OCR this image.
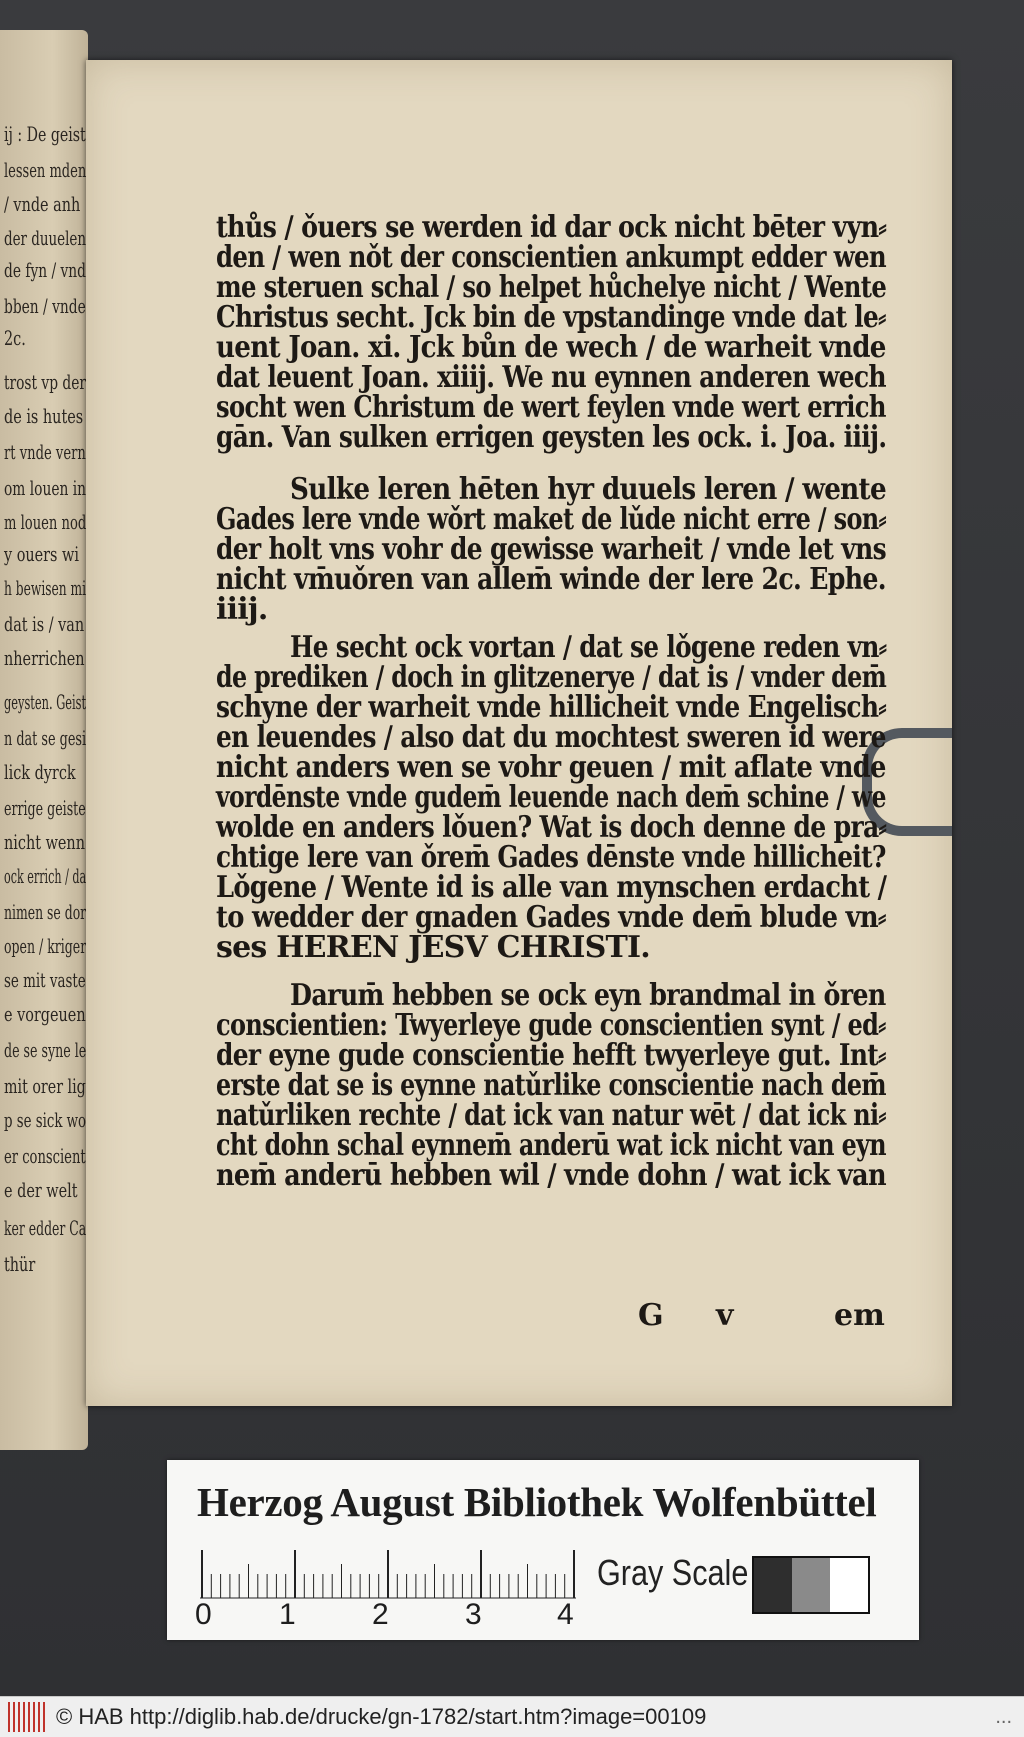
ij : De geist
lessen mden
/ vnde anh
der duuelen
de fyn / vnd
bben / vnde
2c.
trost vp der
de is hutes
rt vnde vern
om louen in
m louen nod
y ouers wi
h bewisen mi
dat is / van
nherrichen
geysten. Geist
n dat se gesi
lick dyrck
errige geiste
nicht wenn
ock errich / da
nimen se dor
open / kriger
se mit vaste
e vorgeuen
de se syne le
mit orer lig
p se sick wo
er conscient
e der welt
ker edder Ca
thür
thůs / ǒuers se werden id dar ock nicht bēter vyn⸗
den / wen nǒt der conscientien ankumpt edder wen
me steruen schal / so helpet hůchelye nicht / Wente
Christus secht. Jck bin de vpstandinge vnde dat le⸗
uent Joan. xi. Jck bůn de wech / de warheit vnde
dat leuent Joan. xiiij. We nu eynnen anderen wech
socht wen Christum de wert feylen vnde wert errich
gān. Van sulken errigen geysten les ock. i. Joa. iiij.
Sulke leren hēten hyr duuels leren / wente
Gades lere vnde wǒrt maket de lǔde nicht erre / son⸗
der holt vns vohr de gewisse warheit / vnde let vns
nicht vm̄uǒren van allem̄ winde der lere 2c. Ephe.
iiij.
He secht ock vortan / dat se lǒgene reden vn⸗
de prediken / doch in glitzenerye / dat is / vnder dem̄
schyne der warheit vnde hillicheit vnde Engelisch⸗
en leuendes / also dat du mochtest sweren id were
nicht anders wen se vohr geuen / mit aflate vnde
vordēnste vnde gudem̄ leuende nach dem̄ schine / we
wolde en anders lǒuen? Wat is doch denne de pra⸗
chtige lere van ǒrem̄ Gades dēnste vnde hillicheit?
Lǒgene / Wente id is alle van mynschen erdacht /
to wedder der gnaden Gades vnde dem̄ blude vn⸗
ses HEREN JESV CHRISTI.
Darum̄ hebben se ock eyn brandmal in ǒren
conscientien: Twyerleye gude conscientien synt / ed⸗
der eyne gude conscientie hefft twyerleye gut. Int⸗
erste dat se is eynne natǔrlike conscientie nach dem̄
natǔrliken rechte / dat ick van natur wēt / dat ick ni⸗
cht dohn schal eynnem̄ anderū wat ick nicht van eyn
nem̄ anderū hebben wil / vnde dohn / wat ick van
G v	em
Herzog August Bibliothek Wolfenbüttel
0 1	2	3	4
Gray Scale
© HAB http://diglib.hab.de/drucke/gn-1782/start.htm?image=00109	...
